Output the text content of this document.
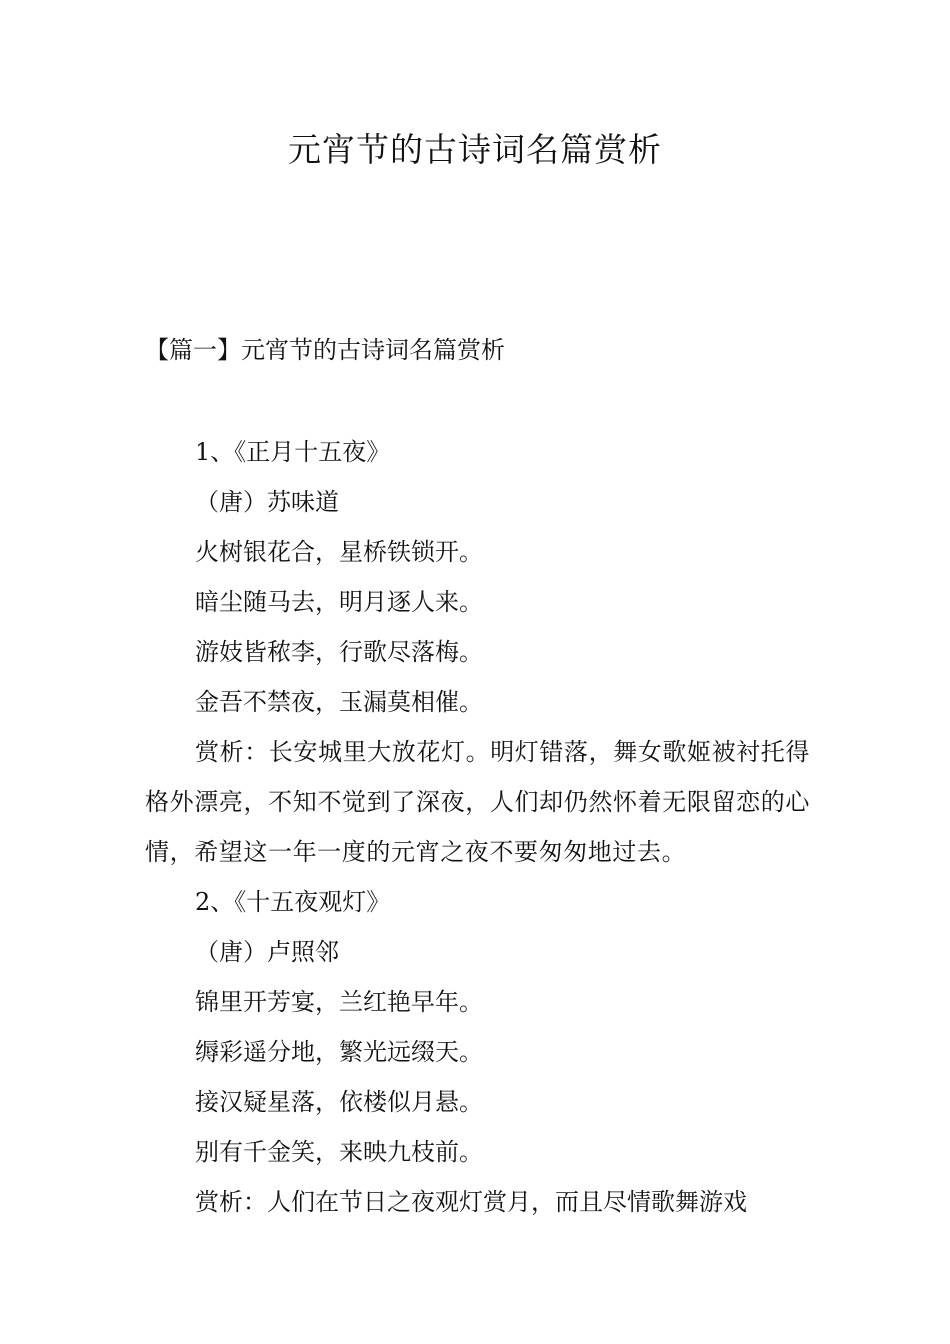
元宵节的古诗词名篇赏析

【篇一】元宵节的古诗词名篇赏析

1、《正月十五夜》

（唐）苏味道

火树银花合，星桥铁锁开。

暗尘随马去，明月逐人来。

游妓皆秾李，行歌尽落梅。

金吾不禁夜，玉漏莫相催。

赏析：长安城里大放花灯。明灯错落，舞女歌姬被衬托得格外漂亮，不知不觉到了深夜，人们却仍然怀着无限留恋的心情，希望这一年一度的元宵之夜不要匆匆地过去。

2、《十五夜观灯》

（唐）卢照邻

锦里开芳宴，兰红艳早年。

缛彩遥分地，繁光远缀天。

接汉疑星落，依楼似月悬。

别有千金笑，来映九枝前。

赏析：人们在节日之夜观灯赏月，而且尽情歌舞游戏
